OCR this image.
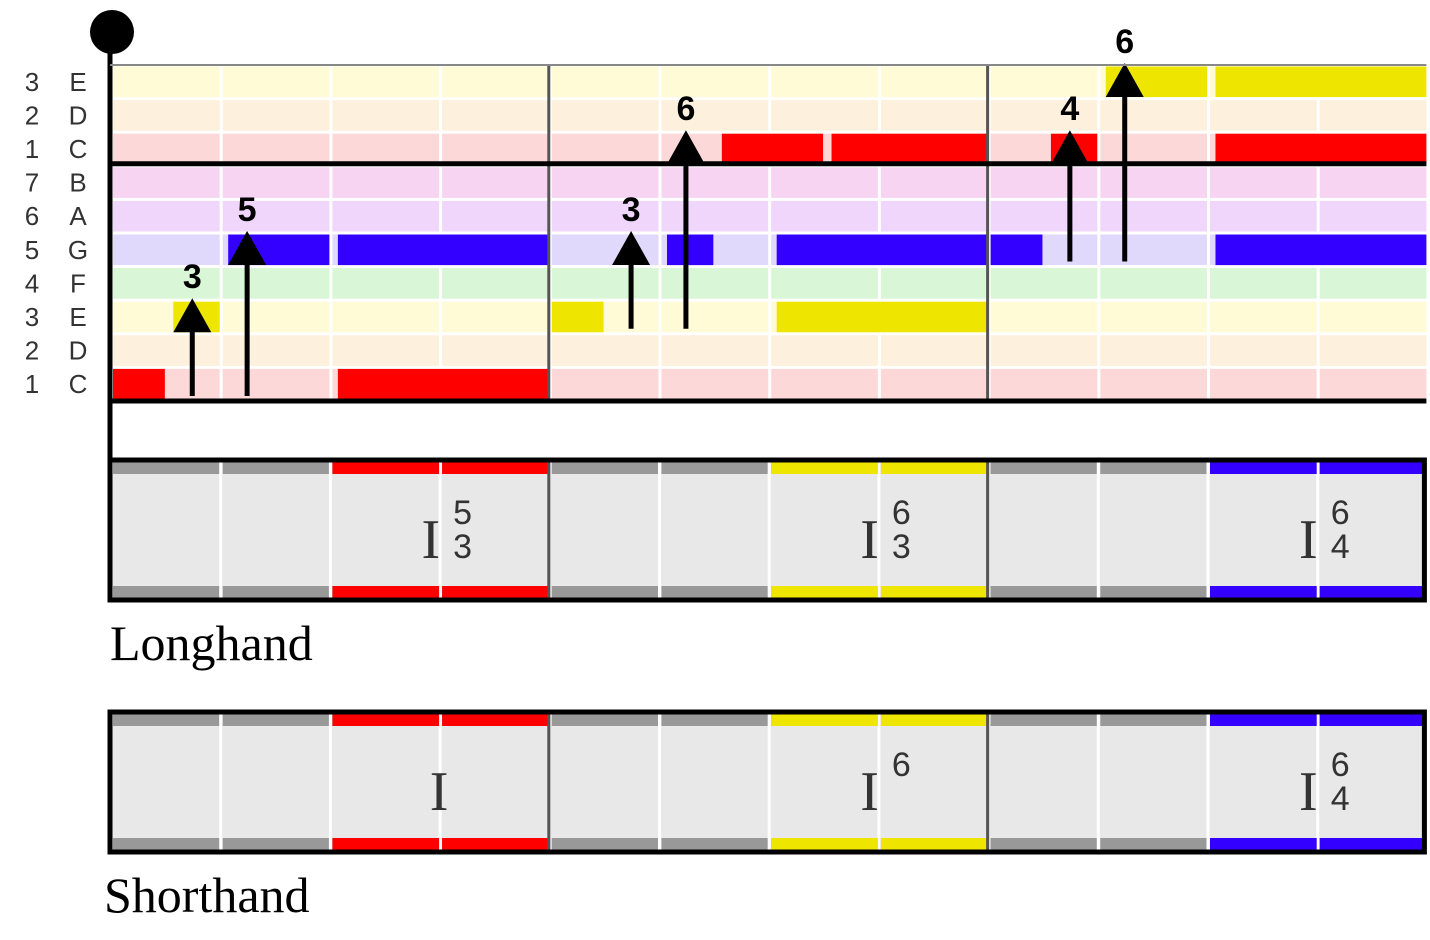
3
5	3
6	4
6
3 E
2 D
1 C
7 B
6 A
5 G
4 F
3 E
2 D
1 C
I 5
3	I 6
3	I 6
4
I	I 6	I 6
4
Longhand
Shorthand
